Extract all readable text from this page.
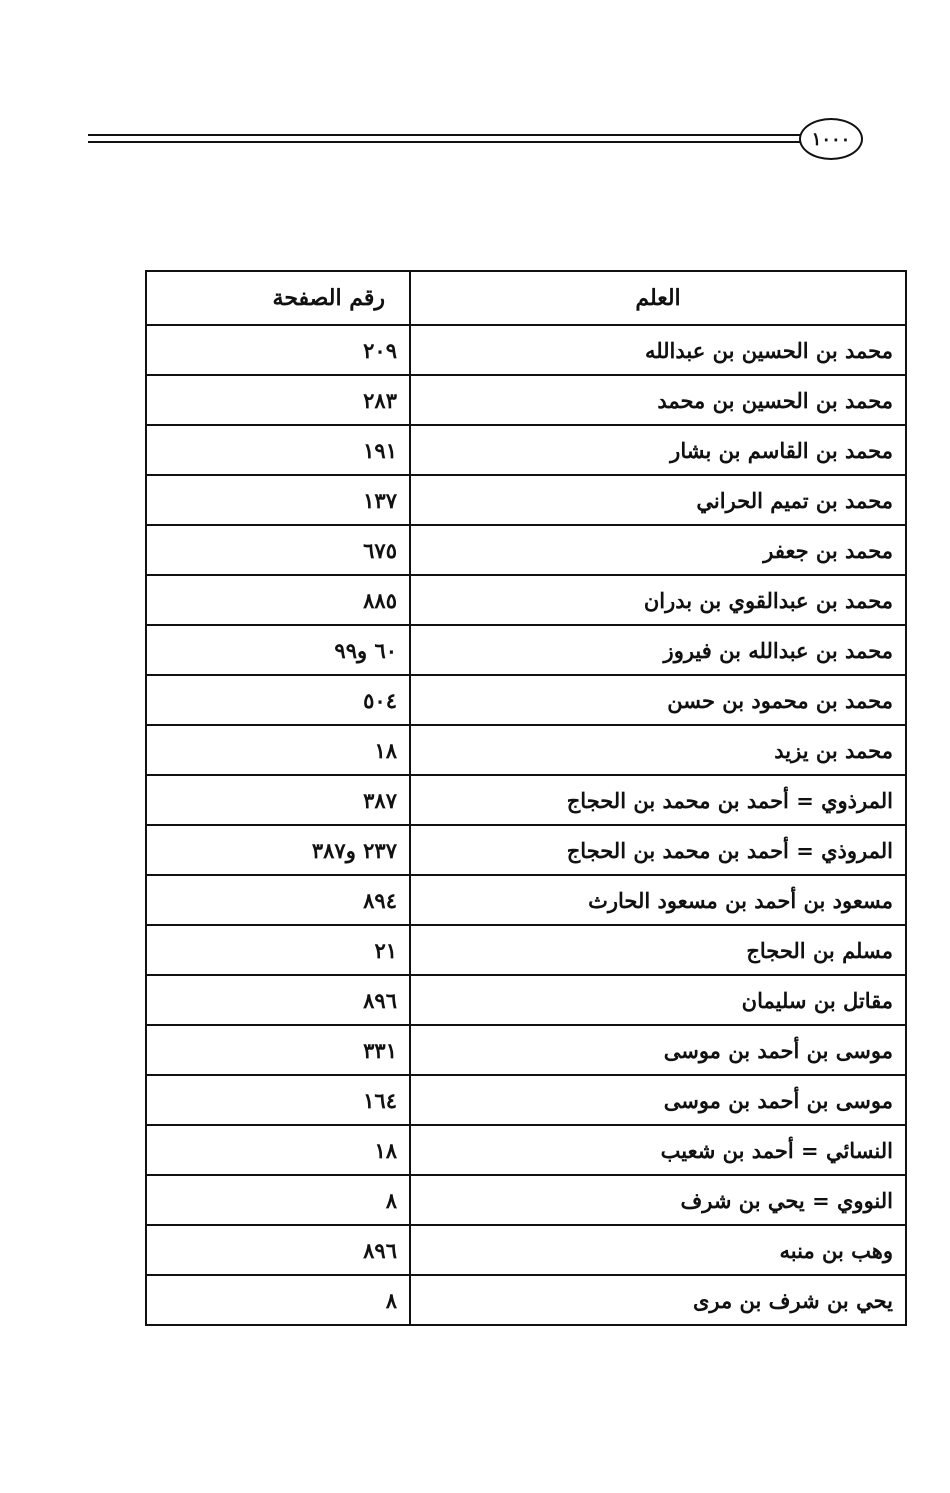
١٠٠٠
العلم	رقم الصفحة
محمد بن الحسين بن عبدالله	٢٠٩
محمد بن الحسين بن محمد	٢٨٣
محمد بن القاسم بن بشار	١٩١
محمد بن تميم الحراني	١٣٧
محمد بن جعفر	٦٧٥
محمد بن عبدالقوي بن بدران	٨٨٥
محمد بن عبدالله بن فيروز	٦٠ و٩٩
محمد بن محمود بن حسن	٥٠٤
محمد بن يزيد	١٨
المرذوي = أحمد بن محمد بن الحجاج	٣٨٧
المروذي = أحمد بن محمد بن الحجاج	٢٣٧ و٣٨٧
مسعود بن أحمد بن مسعود الحارث	٨٩٤
مسلم بن الحجاج	٢١
مقاتل بن سليمان	٨٩٦
موسى بن أحمد بن موسى	٣٣١
موسى بن أحمد بن موسى	١٦٤
النسائي = أحمد بن شعيب	١٨
النووي = يحي بن شرف	٨
وهب بن منبه	٨٩٦
يحي بن شرف بن مرى	٨
